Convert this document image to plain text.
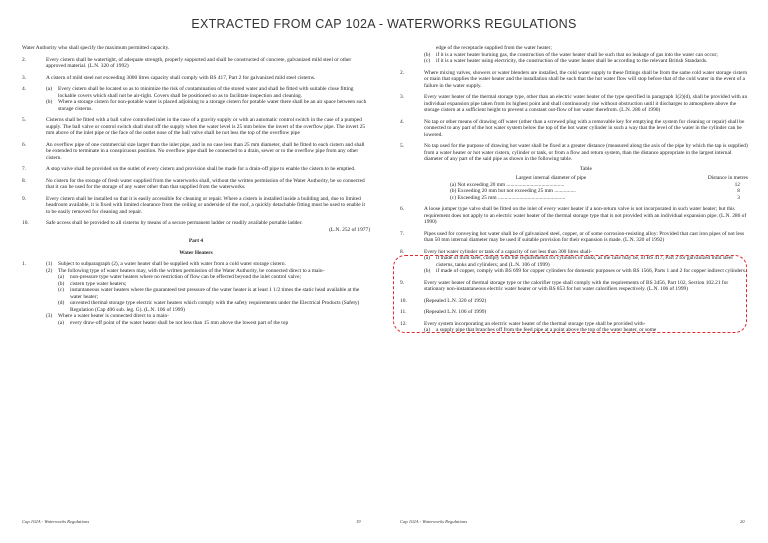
EXTRACTED FROM CAP 102A - WATERWORKS REGULATIONS
Water Authority who shall specify the maximum permitted capacity.
2.	Every cistern shall be watertight, of adequate strength, properly supported and shall be constructed of concrete, galvanized mild steel or other approved material. (L.N. 320 of 1992)
3.	A cistern of mild steel not exceeding 3000 litres capacity shall comply with BS 417, Part 2 for galvanized mild steel cisterns.
4.	(a) Every cistern shall be located so as to minimize the risk of contamination of the stored water and shall be fitted with suitable close fitting lockable covers which shall not be air-tight. Covers shall be positioned so as to facilitate inspection and cleaning.
(b) Where a storage cistern for non-potable water is placed adjoining to a storage cistern for potable water there shall be an air space between such storage cisterns.
5.	Cisterns shall be fitted with a ball valve controlled inlet in the case of a gravity supply or with an automatic control switch in the case of a pumped supply. The ball valve or control switch shall shut off the supply when the water level is 25 mm below the invert of the overflow pipe. The invert 25 mm above of the inlet pipe or the face of the outlet nose of the ball valve shall be not less the top of the overflow pipe
6.	An overflow pipe of one commercial size larger than the inlet pipe, and in no case less than 25 mm diameter, shall be fitted to each cistern and shall be extended to terminate in a conspicuous position. No overflow pipe shall be connected to a drain, sewer or to the overflow pipe from any other cistern.
7.	A stop valve shall be provided on the outlet of every cistern and provision shall be made for a drain-off pipe to enable the cistern to be emptied.
8.	No cistern for the storage of fresh water supplied from the waterworks shall, without the written permission of the Water Authority, be so connected that it can be used for the storage of any water other than that supplied from the waterworks.
9.	Every cistern shall be installed so that it is easily accessible for cleaning or repair. Where a cistern is installed inside a building and, due to limited headroom available, it is fixed with limited clearance from the ceiling or underside of the roof, a quickly detachable fitting must be used to enable it to be easily removed for cleaning and repair.
10.	Safe access shall be provided to all cisterns by means of a secure permanent ladder or readily available portable ladder.
(L.N. 252 of 1977)
Part 4
Water Heaters
1.	(1) Subject to subparagraph (2), a water heater shall be supplied with water from a cold water storage cistern.
(2) The following type of water heaters may, with the written permission of the Water Authority, be connected direct to a main-
(a) non-pressure type water heaters where no restriction of flow can be effected beyond the inlet control valve;
(b) cistern type water heaters;
(c) instantaneous water heaters where the guaranteed test pressure of the water heater is at least 1 1/2 times the static head available at the water heater;
(d) unvented thermal storage type electric water heaters which comply with the safety requirements under the Electrical Products (Safety) Regulation (Cap 406 sub. leg. G). (L.N. 106 of 1999)
(3) Where a water heater is connected direct to a main-
(a) every draw-off point of the water heater shall be not less than 15 mm above the lowest part of the top
edge of the receptacle supplied from the water heater;
(b) if it is a water heater burning gas, the construction of the water heater shall be such that no leakage of gas into the water can occur;
(c) if it is a water heater using electricity, the construction of the water heater shall be according to the relevant British Standards.
2.	Where mixing valves, showers or water blenders are installed, the cold water supply to these fittings shall be from the same cold water storage cistern or main that supplies the water heater and the installation shall be such that the hot water flow will stop before that of the cold water in the event of a failure in the water supply.
3.	Every water heater of the thermal storage type, other than an electric water heater of the type specified in paragraph 1(2)(d), shall be provided with an individual expansion pipe taken from its highest point and shall continuously rise without obstruction until it discharges to atmosphere above the storage cistern at a sufficient height to prevent a constant out-flow of hot water therefrom. (L.N. 286 of 1990)
4.	No tap or other means of drawing off water (other than a screwed plug with a removable key for emptying the system for cleaning or repair) shall be connected to any part of the hot water system below the top of the hot water cylinder in such a way that the level of the water in the cylinder can be lowered.
5.	No tap used for the purpose of drawing hot water shall be fixed at a greater distance (measured along the axis of the pipe by which the tap is supplied) from a water heater or hot water cistern, cylinder or tank, or from a flow and return system, than the distance appropriate in the largest internal diameter of any part of the said pipe as shown in the following table.
Table
Largest internal diameter of pipe	Distance in metres
(a) Not exceeding 20 mm ...........................................	12
(b) Exceeding 20 mm but not exceeding 25 mm ................	8
(c) Exceeding 25 mm ..................................................	3
6.	A loose jumper type valve shall be fitted on the inlet of every water heater if a non-return valve is not incorporated in such water heater; but this requirement does not apply to an electric water heater of the thermal storage type that is not provided with an individual expansion pipe. (L.N. 286 of 1990)
7.	Pipes used for conveying hot water shall be of galvanized steel, copper, or of some corrosion-resisting alloy: Provided that cast iron pipes of not less than 50 mm internal diameter may be used if suitable provision for their expansion is made. (L.N. 320 of 1992)
8.	Every hot water cylinder or tank of a capacity of not less than 300 litres shall-
(a) if made of mild steel, comply with the requirements for cylinders or tanks, as the case may be, of BS 417, Part 2 for galvanized mild steel cisterns, tanks and cylinders; and (L.N. 106 of 1999)
(b) if made of copper, comply with BS 699 for copper cylinders for domestic purposes or with BS 1566, Parts 1 and 2 for copper indirect cylinders.
9.	Every water heater of thermal storage type or the calorifier type shall comply with the requirements of BS 3456, Part 102, Section 102.21 for stationary non-instantaneous electric water heater or with BS 853 for hot water calorifiers respectively. (L.N. 106 of 1999)
10.	(Repealed L.N. 320 of 1992)
11.	(Repealed L.N. 106 of 1999)
12.	Every system incorporating an electric water heater of the thermal storage type shall be provided with-
(a) a supply pipe that branches off from the feed pipe at a point above the top of the water heater, or some
Cap 102A - Waterworks Regulations	19	Cap 102A - Waterworks Regulations	20
